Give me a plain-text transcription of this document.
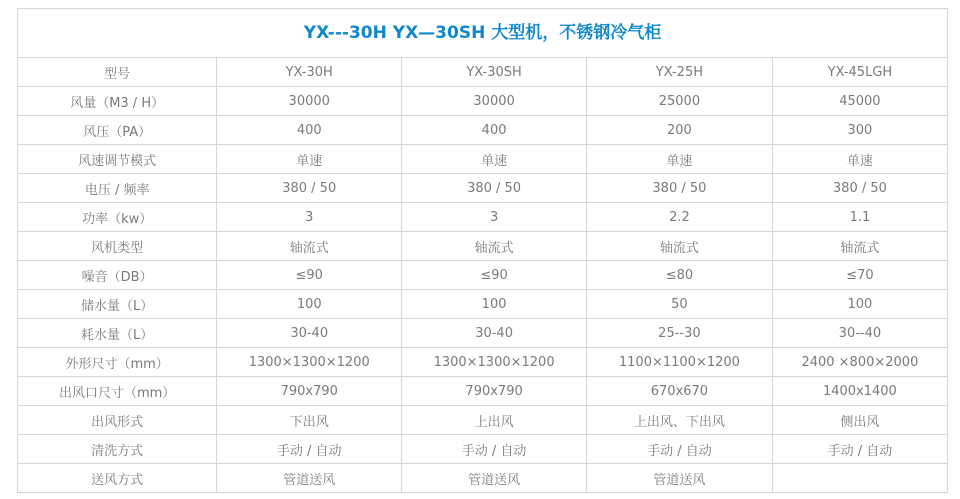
YX---30H YX—30SH 大型机，不锈钢冷气柜
型号	YX-30H	YX-30SH	YX-25H	YX-45LGH
风量（M3 / H）	30000	30000	25000	45000
风压（PA）	400	400	200	300
风速调节模式	单速	单速	单速	单速
电压 / 频率	380 / 50	380 / 50	380 / 50	380 / 50
功率（kw）	3	3	2.2	1.1
风机类型	轴流式	轴流式	轴流式	轴流式
噪音（DB）	≤90	≤90	≤80	≤70
储水量（L）	100	100	50	100
耗水量（L）	30-40	30-40	25--30	30--40
外形尺寸（mm）	1300×1300×1200	1300×1300×1200	1100×1100×1200	2400 ×800×2000
出风口尺寸（mm）	790x790	790x790	670x670	1400x1400
出风形式	下出风	上出风	上出风、下出风	侧出风
清洗方式	手动 / 自动	手动 / 自动	手动 / 自动	手动 / 自动
送风方式	管道送风	管道送风	管道送风	
